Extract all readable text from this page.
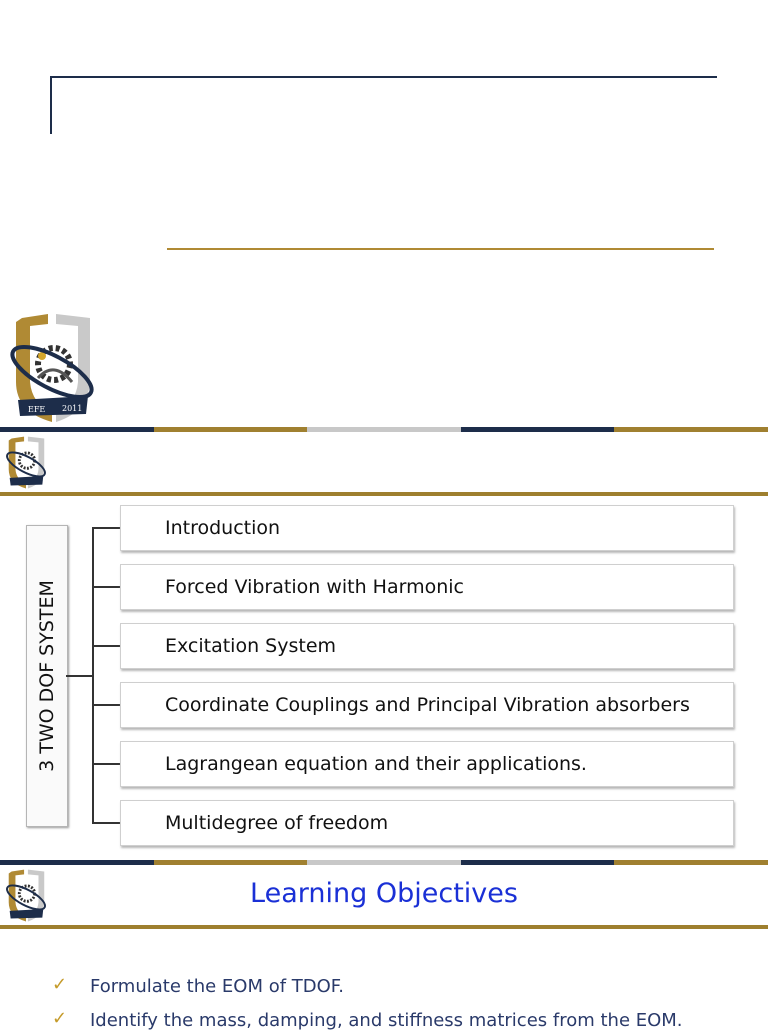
EFE 2011
3 TWO DOF SYSTEM
Introduction
Forced Vibration with Harmonic
Excitation System
Coordinate Couplings and Principal Vibration absorbers
Lagrangean equation and their applications.
Multidegree of freedom
Learning Objectives
✓ Formulate the EOM of TDOF.
✓ Identify the mass, damping, and stiffness matrices from the EOM.
